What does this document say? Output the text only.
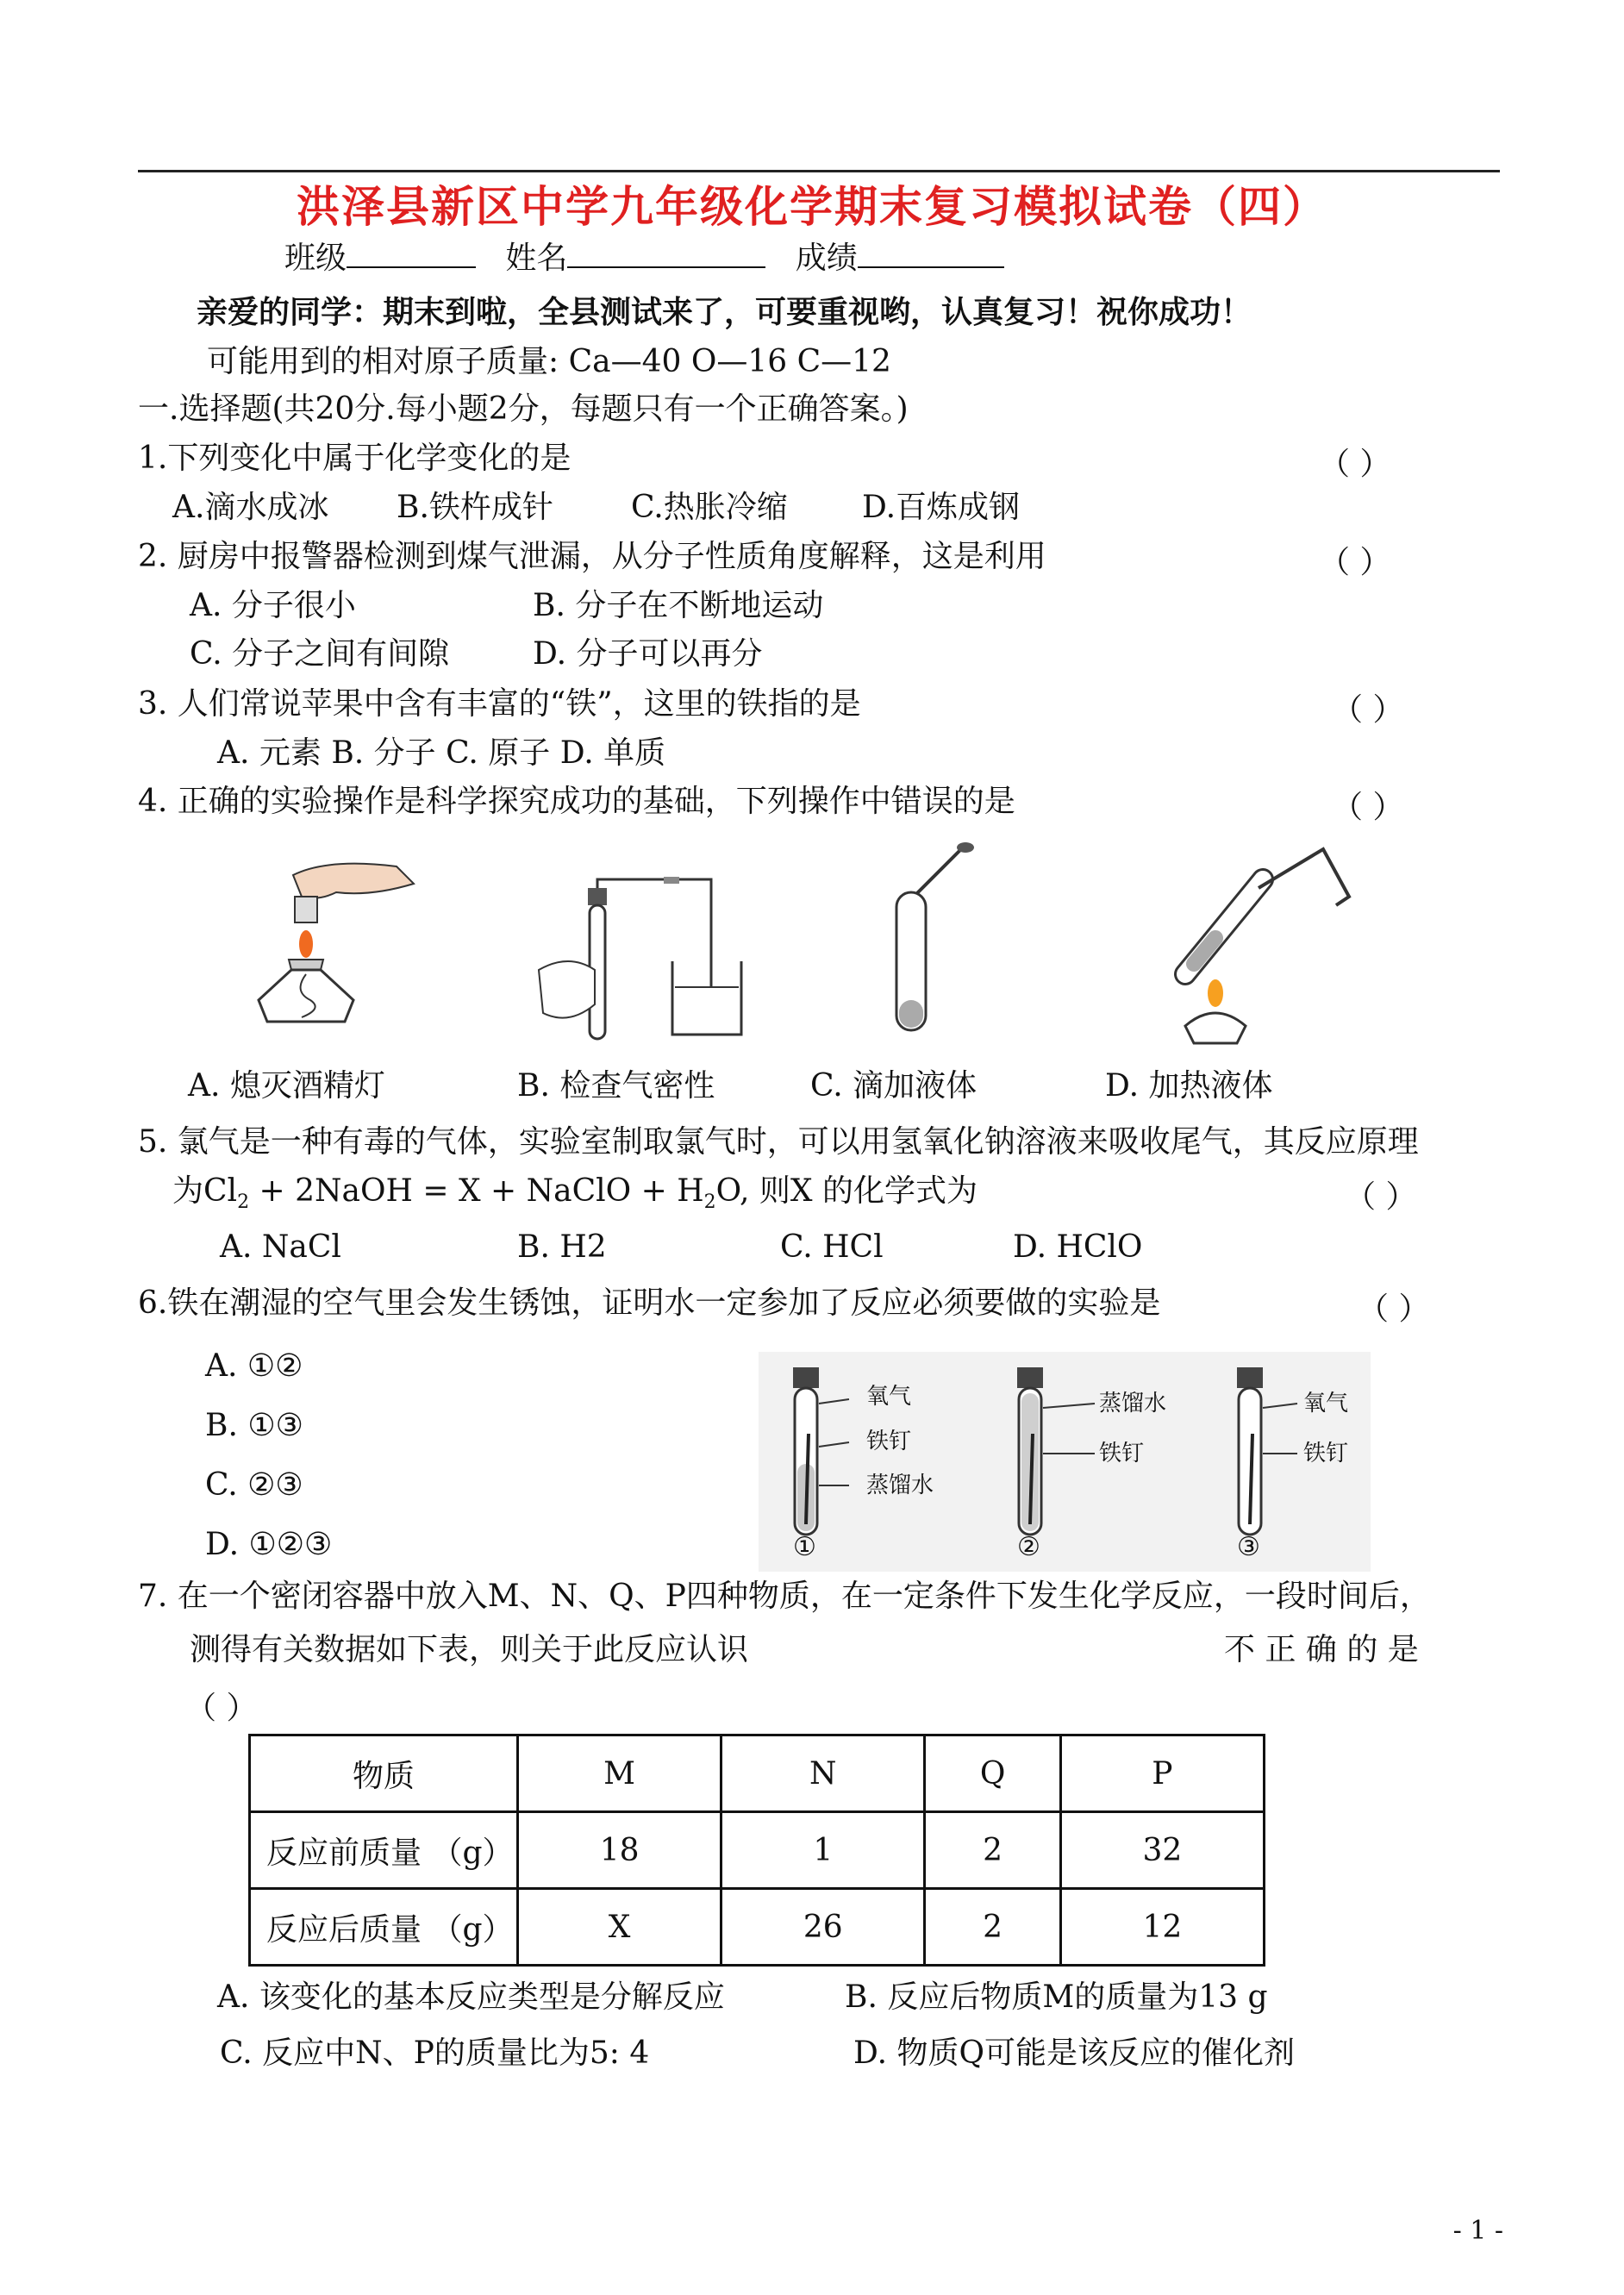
洪泽县新区中学九年级化学期末复习模拟试卷（四）
班级	姓名	成绩
亲爱的同学：期末到啦，全县测试来了，可要重视哟，认真复习！祝你成功！
可能用到的相对原子质量: Ca—40 O—16 C—12
一.选择题(共20分.每小题2分，每题只有一个正确答案。)
1.下列变化中属于化学变化的是	（ ）
A.滴水成冰 B.铁杵成针	C.热胀冷缩 D.百炼成钢
2. 厨房中报警器检测到煤气泄漏，从分子性质角度解释，这是利用	（ ）
A. 分子很小	B. 分子在不断地运动
C. 分子之间有间隙	D. 分子可以再分
3. 人们常说苹果中含有丰富的“铁”，这里的铁指的是	（ ）
A. 元素 B. 分子 C. 原子 D. 单质
4. 正确的实验操作是科学探究成功的基础，下列操作中错误的是	（ ）
A. 熄灭酒精灯	B. 检查气密性	C. 滴加液体	D. 加热液体
5. 氯气是一种有毒的气体，实验室制取氯气时，可以用氢氧化钠溶液来吸收尾气，其反应原理
为$Cl_2$ + 2NaOH = X + NaClO + $H_2O$, 则X 的化学式为	（ ）
A. NaCl	B. H2	C. HCl	D. HClO
6.铁在潮湿的空气里会发生锈蚀，证明水一定参加了反应必须要做的实验是	（ ）
A. ①②
B. ①③
C. ②③
D. ①②③
氧气
铁钉
蒸馏水
蒸馏水
铁钉
氧气
铁钉
①	②	③
7. 在一个密闭容器中放入M、N、Q、P四种物质，在一定条件下发生化学反应，一段时间后，
测得有关数据如下表，则关于此反应认识	不 正 确 的 是
（ ）
物质	M	N	Q	P
反应前质量 （g）	18	1	2	32
反应后质量 （g）	X	26	2	12
A. 该变化的基本反应类型是分解反应	B. 反应后物质M的质量为13 g
C. 反应中N、P的质量比为5: 4	D. 物质Q可能是该反应的催化剂
- 1 -
